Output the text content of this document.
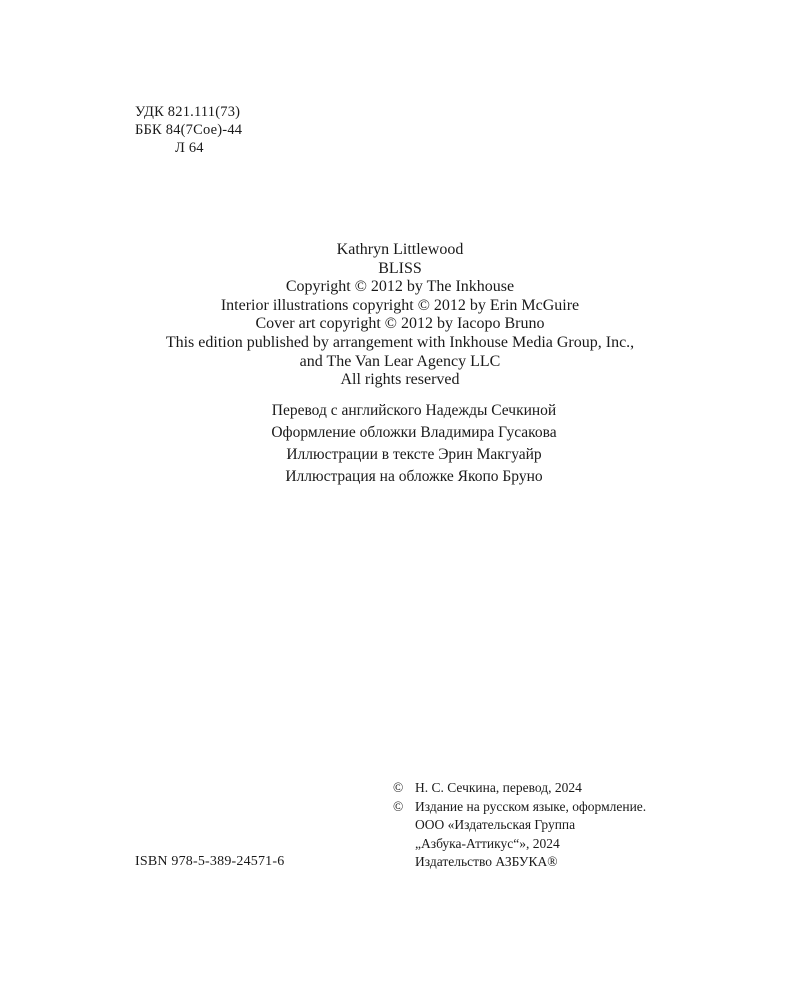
УДК 821.111(73)
ББК 84(7Сое)-44
Л 64
Kathryn Littlewood
BLISS
Copyright © 2012 by The Inkhouse
Interior illustrations copyright © 2012 by Erin McGuire
Cover art copyright © 2012 by Iacopo Bruno
This edition published by arrangement with Inkhouse Media Group, Inc.,
and The Van Lear Agency LLC
All rights reserved
Перевод с английского Надежды Сечкиной
Оформление обложки Владимира Гусакова
Иллюстрации в тексте Эрин Макгуайр
Иллюстрация на обложке Якопо Бруно
© Н. С. Сечкина, перевод, 2024
© Издание на русском языке, оформление.
ООО «Издательская Группа
„Азбука-Аттикус“», 2024
Издательство АЗБУКА®
ISBN 978-5-389-24571-6
